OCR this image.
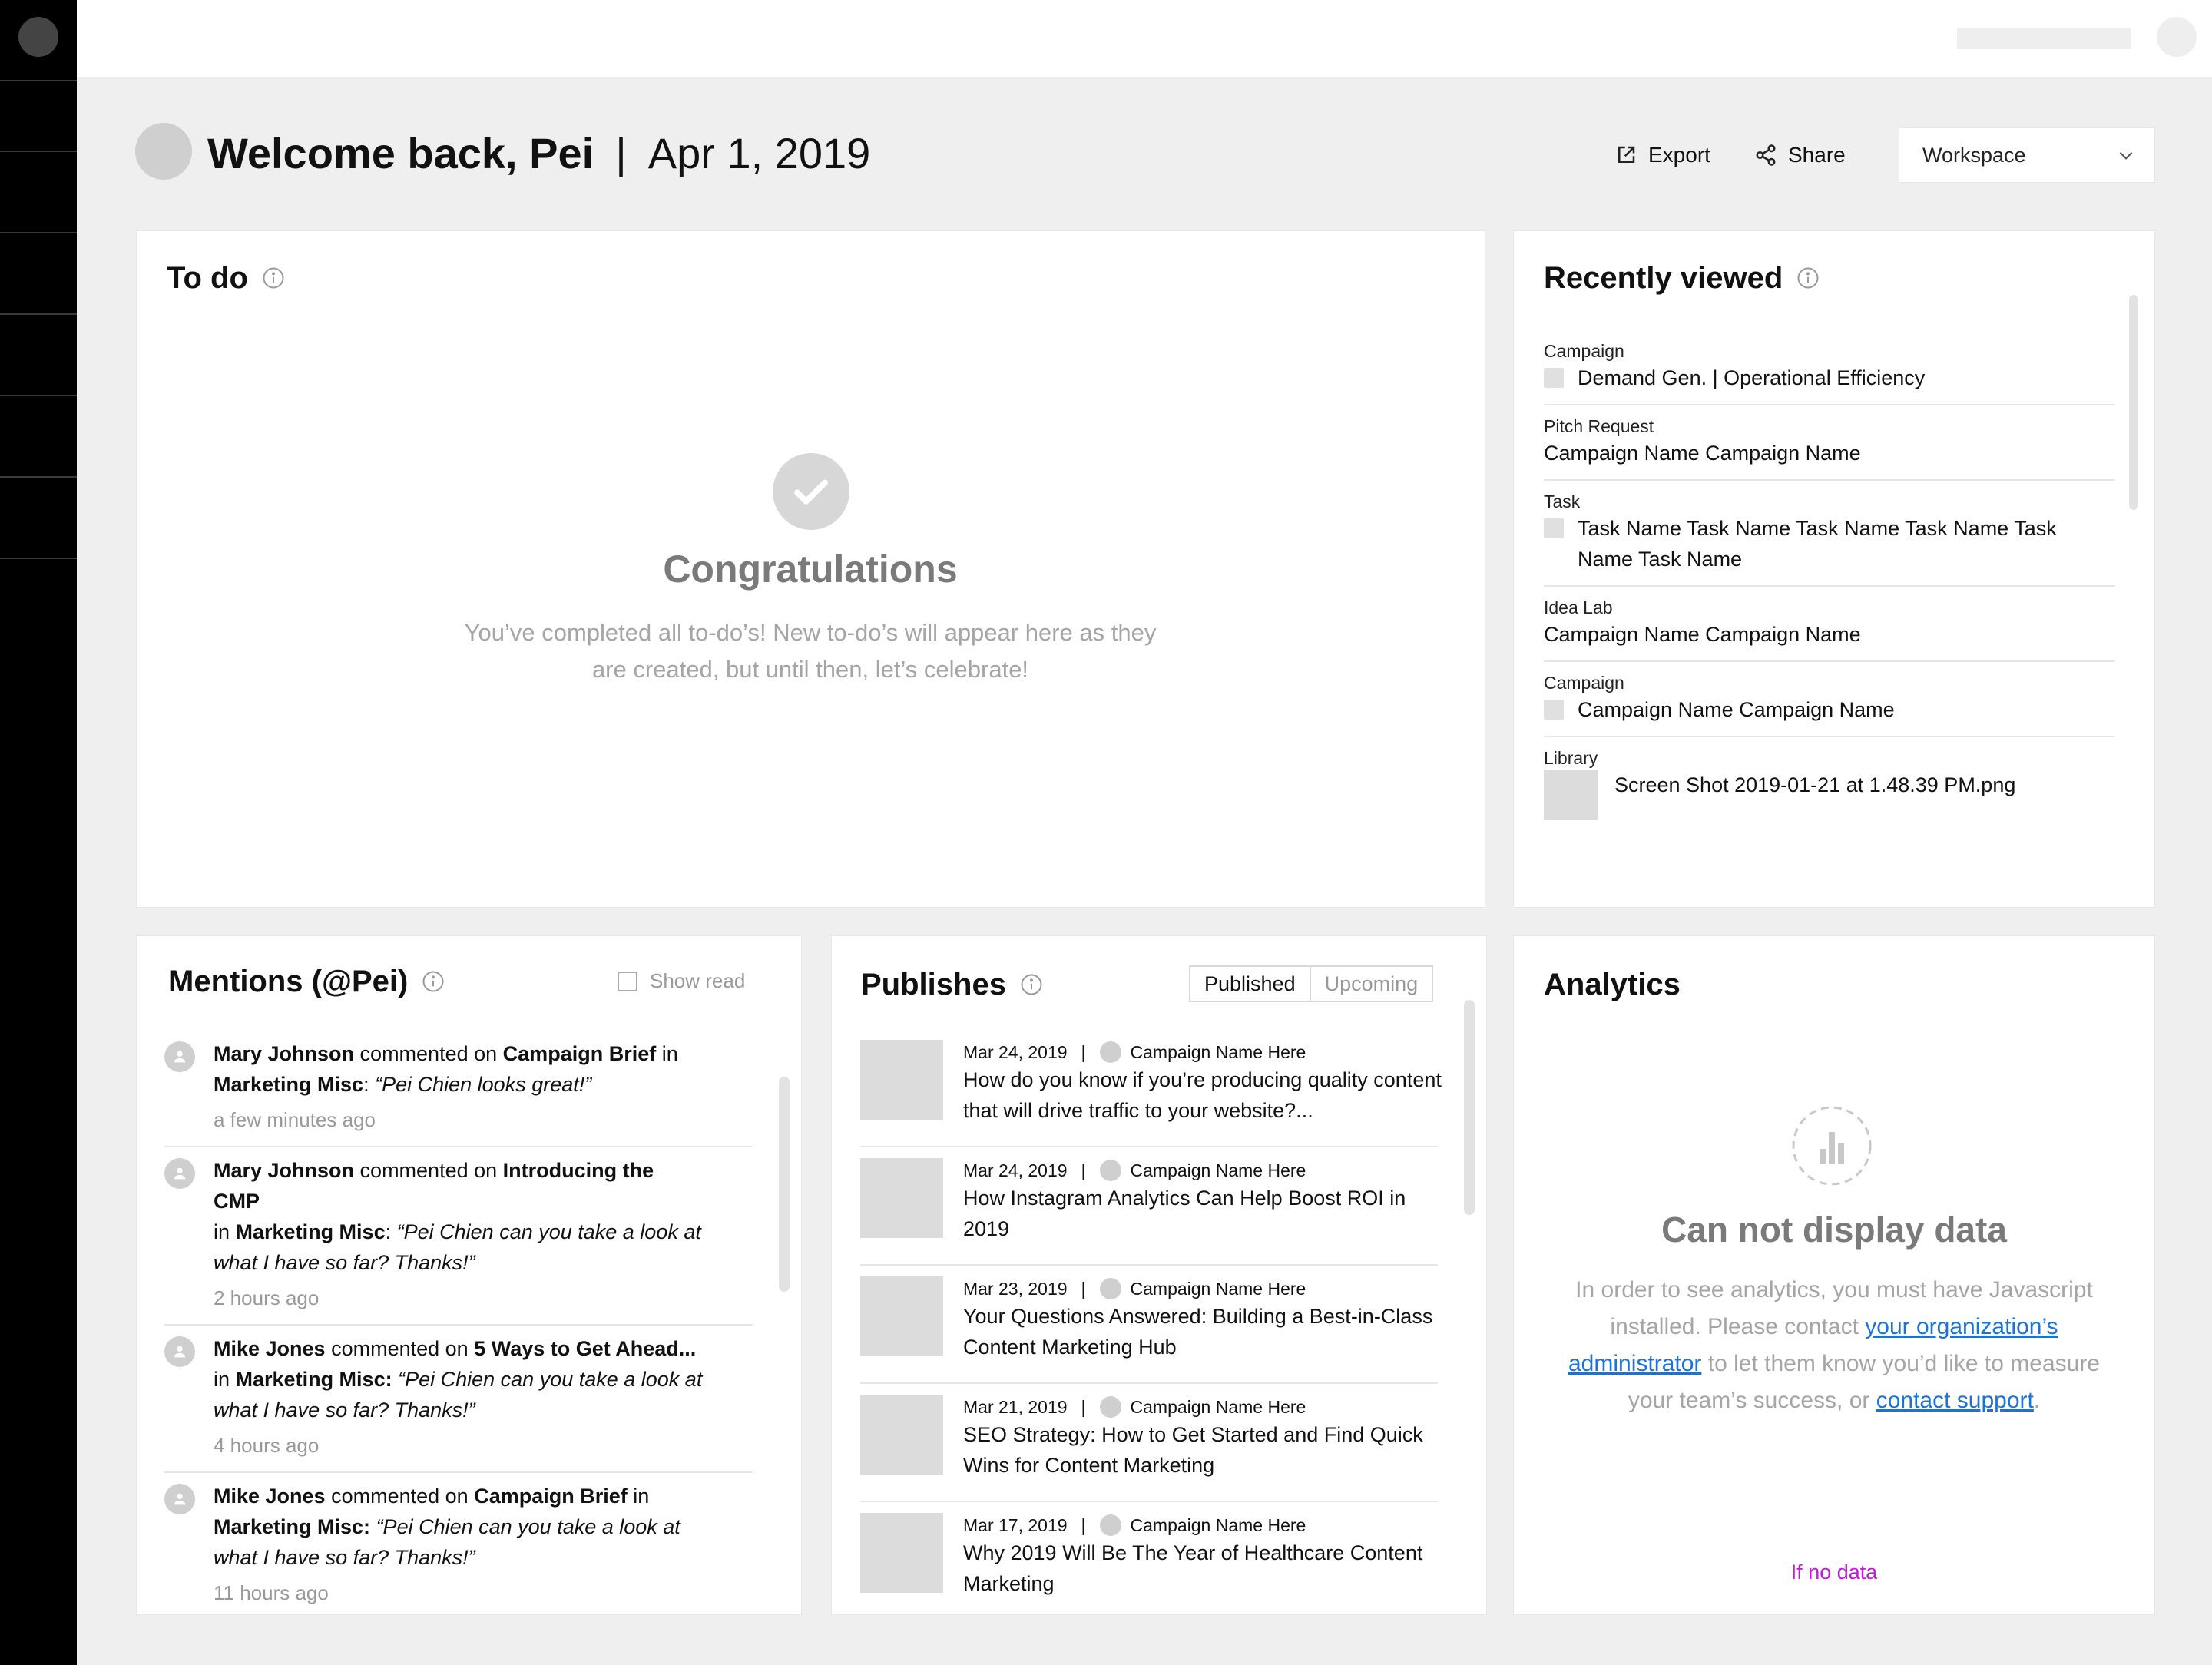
Welcome back, Pei | Apr 1, 2019	Export	Share	Workspace
To do
Congratulations
You’ve completed all to-do’s! New to-do’s will appear here as they are created, but until then, let’s celebrate!
Recently viewed
Campaign
Demand Gen. | Operational Efficiency
Pitch Request
Campaign Name Campaign Name
Task
Task Name Task Name Task Name Task Name Task Name Task Name
Idea Lab
Campaign Name Campaign Name
Campaign
Campaign Name Campaign Name
Library
Screen Shot 2019-01-21 at 1.48.39 PM.png
Mentions (@Pei)	Show read
Mary Johnson commented on Campaign Brief in
Marketing Misc: “Pei Chien looks great!”
a few minutes ago
Mary Johnson commented on Introducing the CMP
in Marketing Misc: “Pei Chien can you take a look at what I have so far? Thanks!”
2 hours ago
Mike Jones commented on 5 Ways to Get Ahead...
in Marketing Misc: “Pei Chien can you take a look at what I have so far? Thanks!”
4 hours ago
Mike Jones commented on Campaign Brief in
Marketing Misc: “Pei Chien can you take a look at what I have so far? Thanks!”
11 hours ago
Publishes	Published	Upcoming
Mar 24, 2019 |	Campaign Name Here
How do you know if you’re producing quality content that will drive traffic to your website?...
Mar 24, 2019 |	Campaign Name Here
How Instagram Analytics Can Help Boost ROI in 2019
Mar 23, 2019 |	Campaign Name Here
Your Questions Answered: Building a Best-in-Class Content Marketing Hub
Mar 21, 2019 |	Campaign Name Here
SEO Strategy: How to Get Started and Find Quick Wins for Content Marketing
Mar 17, 2019 |	Campaign Name Here
Why 2019 Will Be The Year of Healthcare Content Marketing
Analytics
Can not display data
In order to see analytics, you must have Javascript installed. Please contact your organization’s administrator to let them know you’d like to measure your team’s success, or contact support.
If no data
